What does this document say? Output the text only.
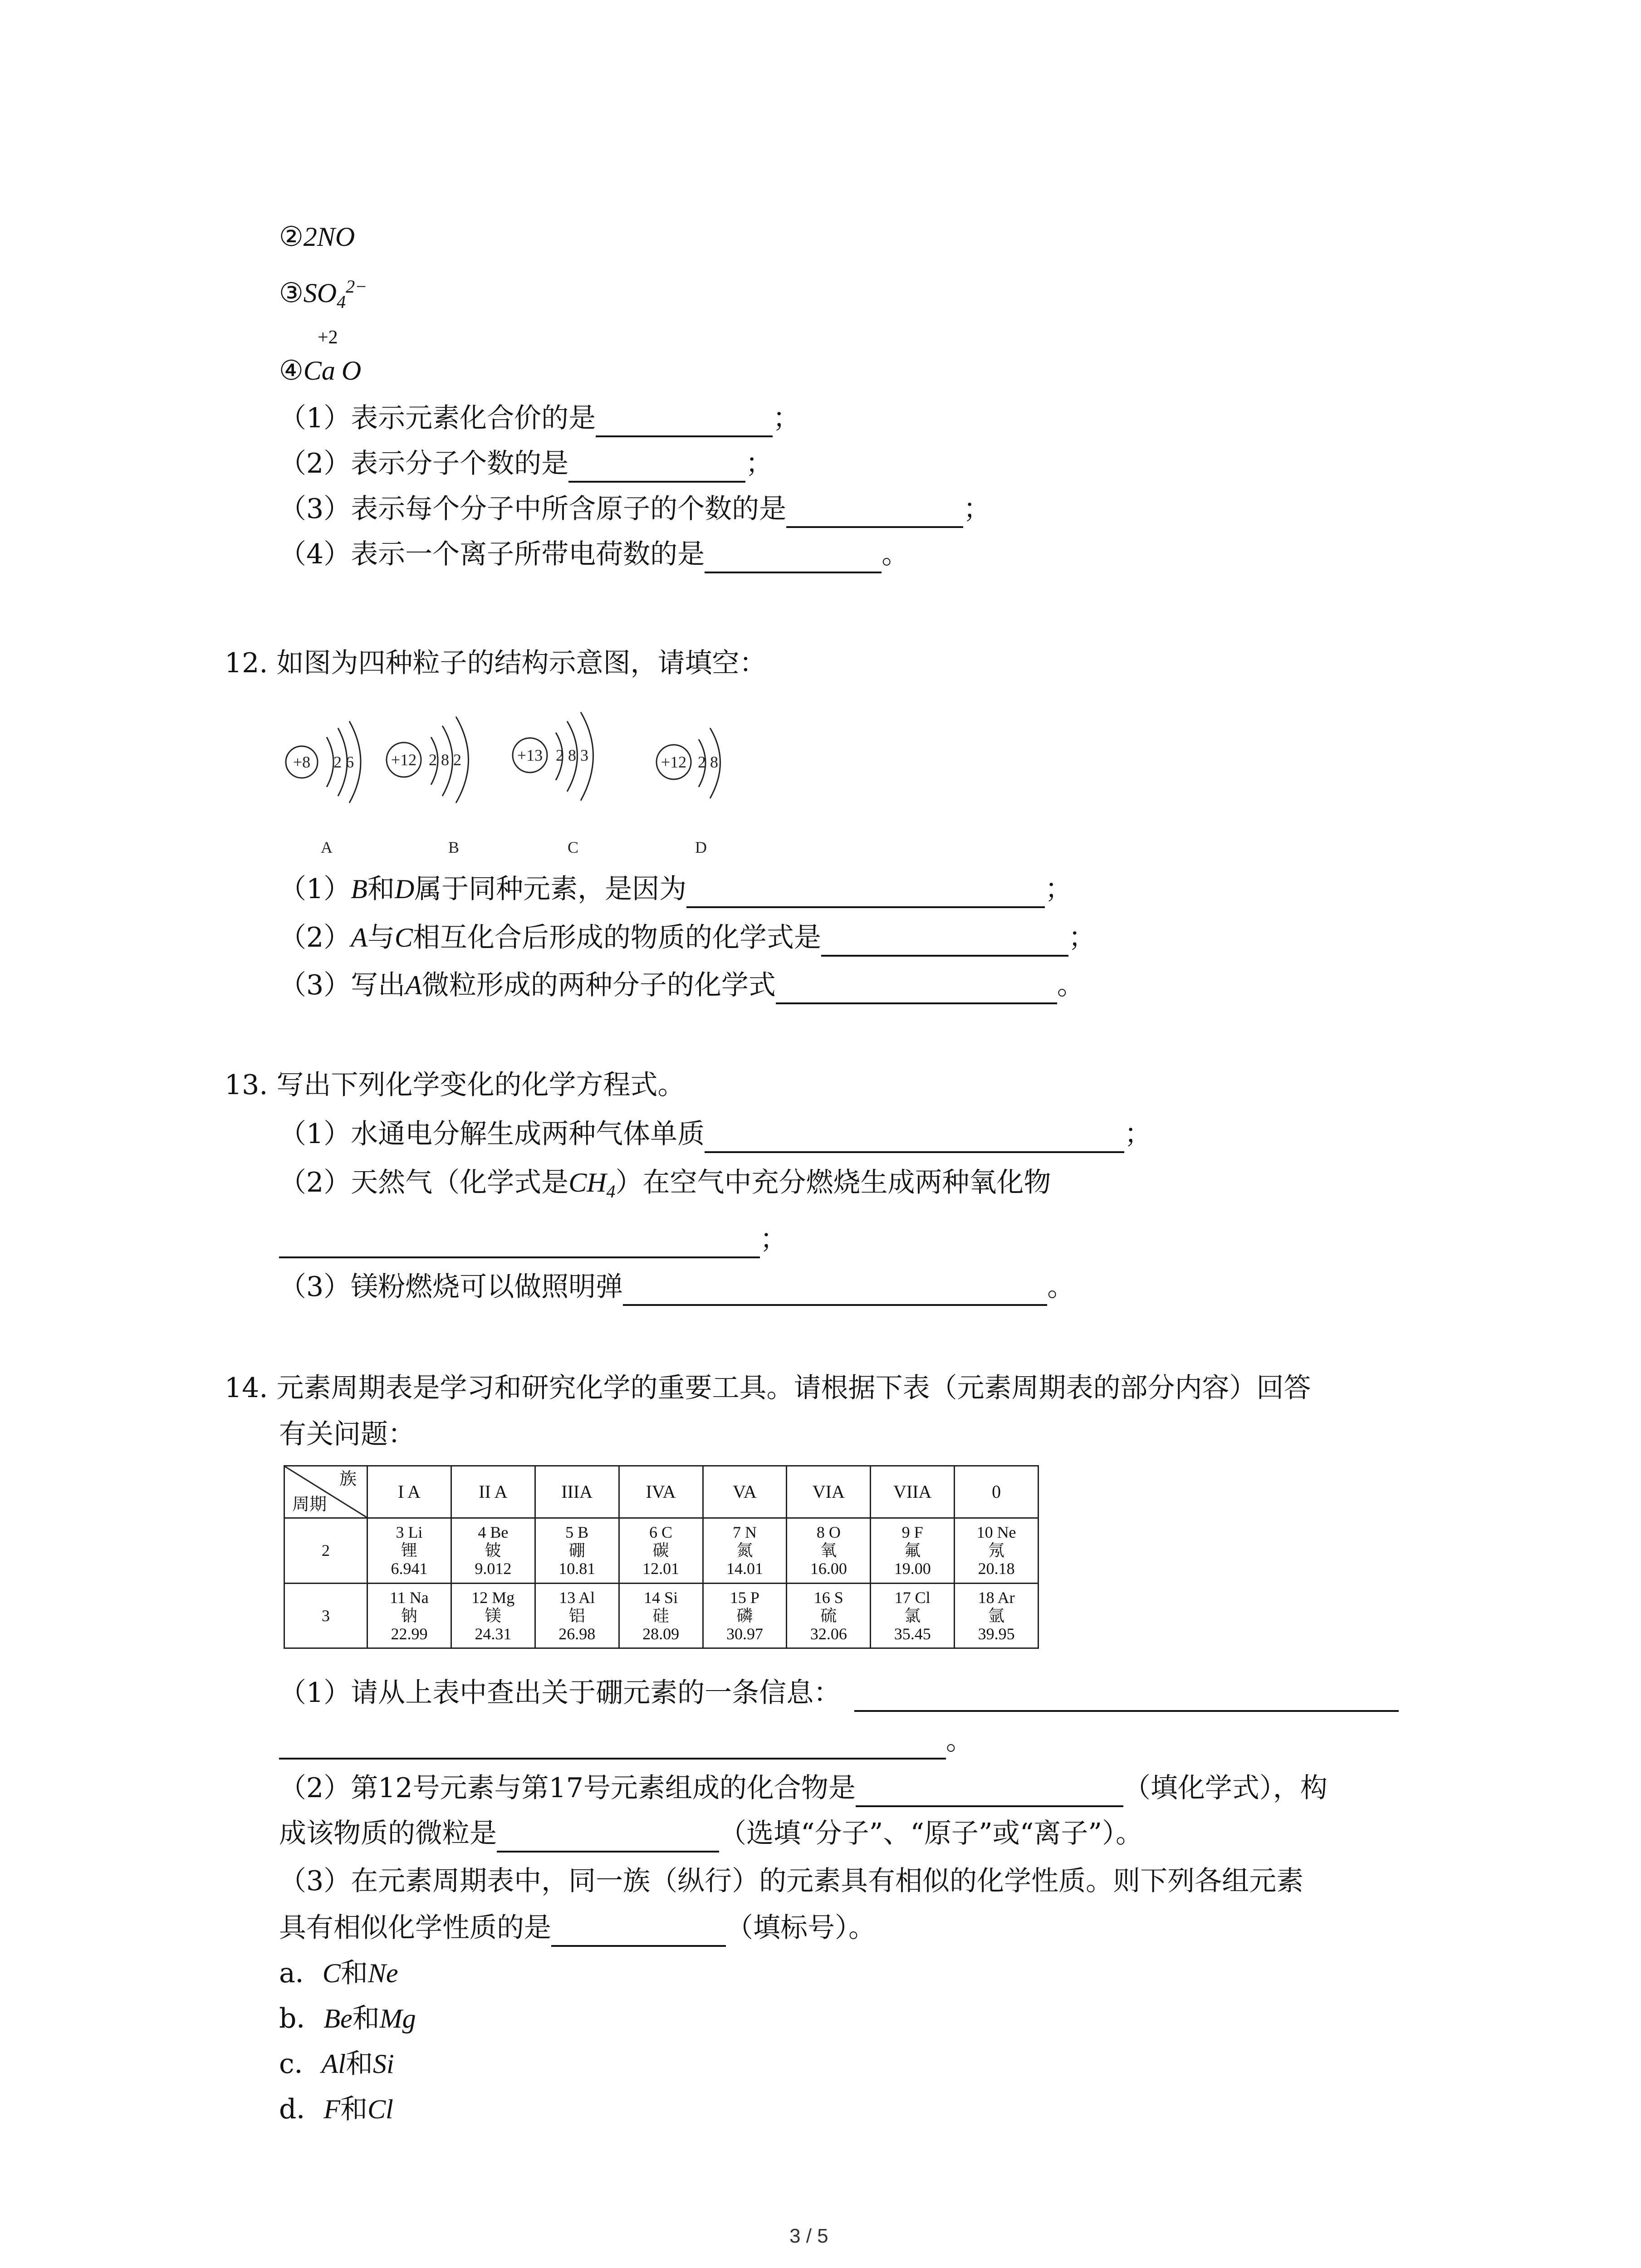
②2NO
$③SO_4^{2-}$
+2
④Ca O
（1）表示元素化合价的是	；
（2）表示分子个数的是	；
（3）表示每个分子中所含原子的个数的是	；
（4）表示一个离子所带电荷数的是	。
12. 如图为四种粒子的结构示意图，请填空：
+8 2 6
A
+12 2 8 2
B
+13 2 8 3
C
+12 2 8
D
（1）B和D属于同种元素，是因为	；
（2）A与C相互化合后形成的物质的化学式是	；
（3）写出A微粒形成的两种分子的化学式	。
13. 写出下列化学变化的化学方程式。
（1）水通电分解生成两种气体单质	；
（2）天然气（化学式是$CH_4$）在空气中充分燃烧生成两种氧化物
；
（3）镁粉燃烧可以做照明弹	。
14. 元素周期表是学习和研究化学的重要工具。请根据下表（元素周期表的部分内容）回答
有关问题：
族
周期	I A	II A	IIIA	IVA	VA	VIA	VIIA	0
2	3 Li
锂
6.941	4 Be
铍
9.012	5 B
硼
10.81	6 C
碳
12.01	7 N
氮
14.01	8 O
氧
16.00	9 F
氟
19.00	10 Ne
氖
20.18

3	11 Na
钠
22.99	12 Mg
镁
24.31	13 Al
铝
26.98	14 Si
硅
28.09	15 P
磷
30.97	16 S
硫
32.06	17 Cl
氯
35.45	18 Ar
氩
39.95
（1）请从上表中查出关于硼元素的一条信息：
。
（2）第12号元素与第17号元素组成的化合物是	（填化学式），构
成该物质的微粒是	（选填“分子”、“原子”或“离子”）。
（3）在元素周期表中，同一族（纵行）的元素具有相似的化学性质。则下列各组元素
具有相似化学性质的是	（填标号）。
a．C和Ne
b．Be和Mg
c．Al和Si
d．F和Cl
3 / 5
